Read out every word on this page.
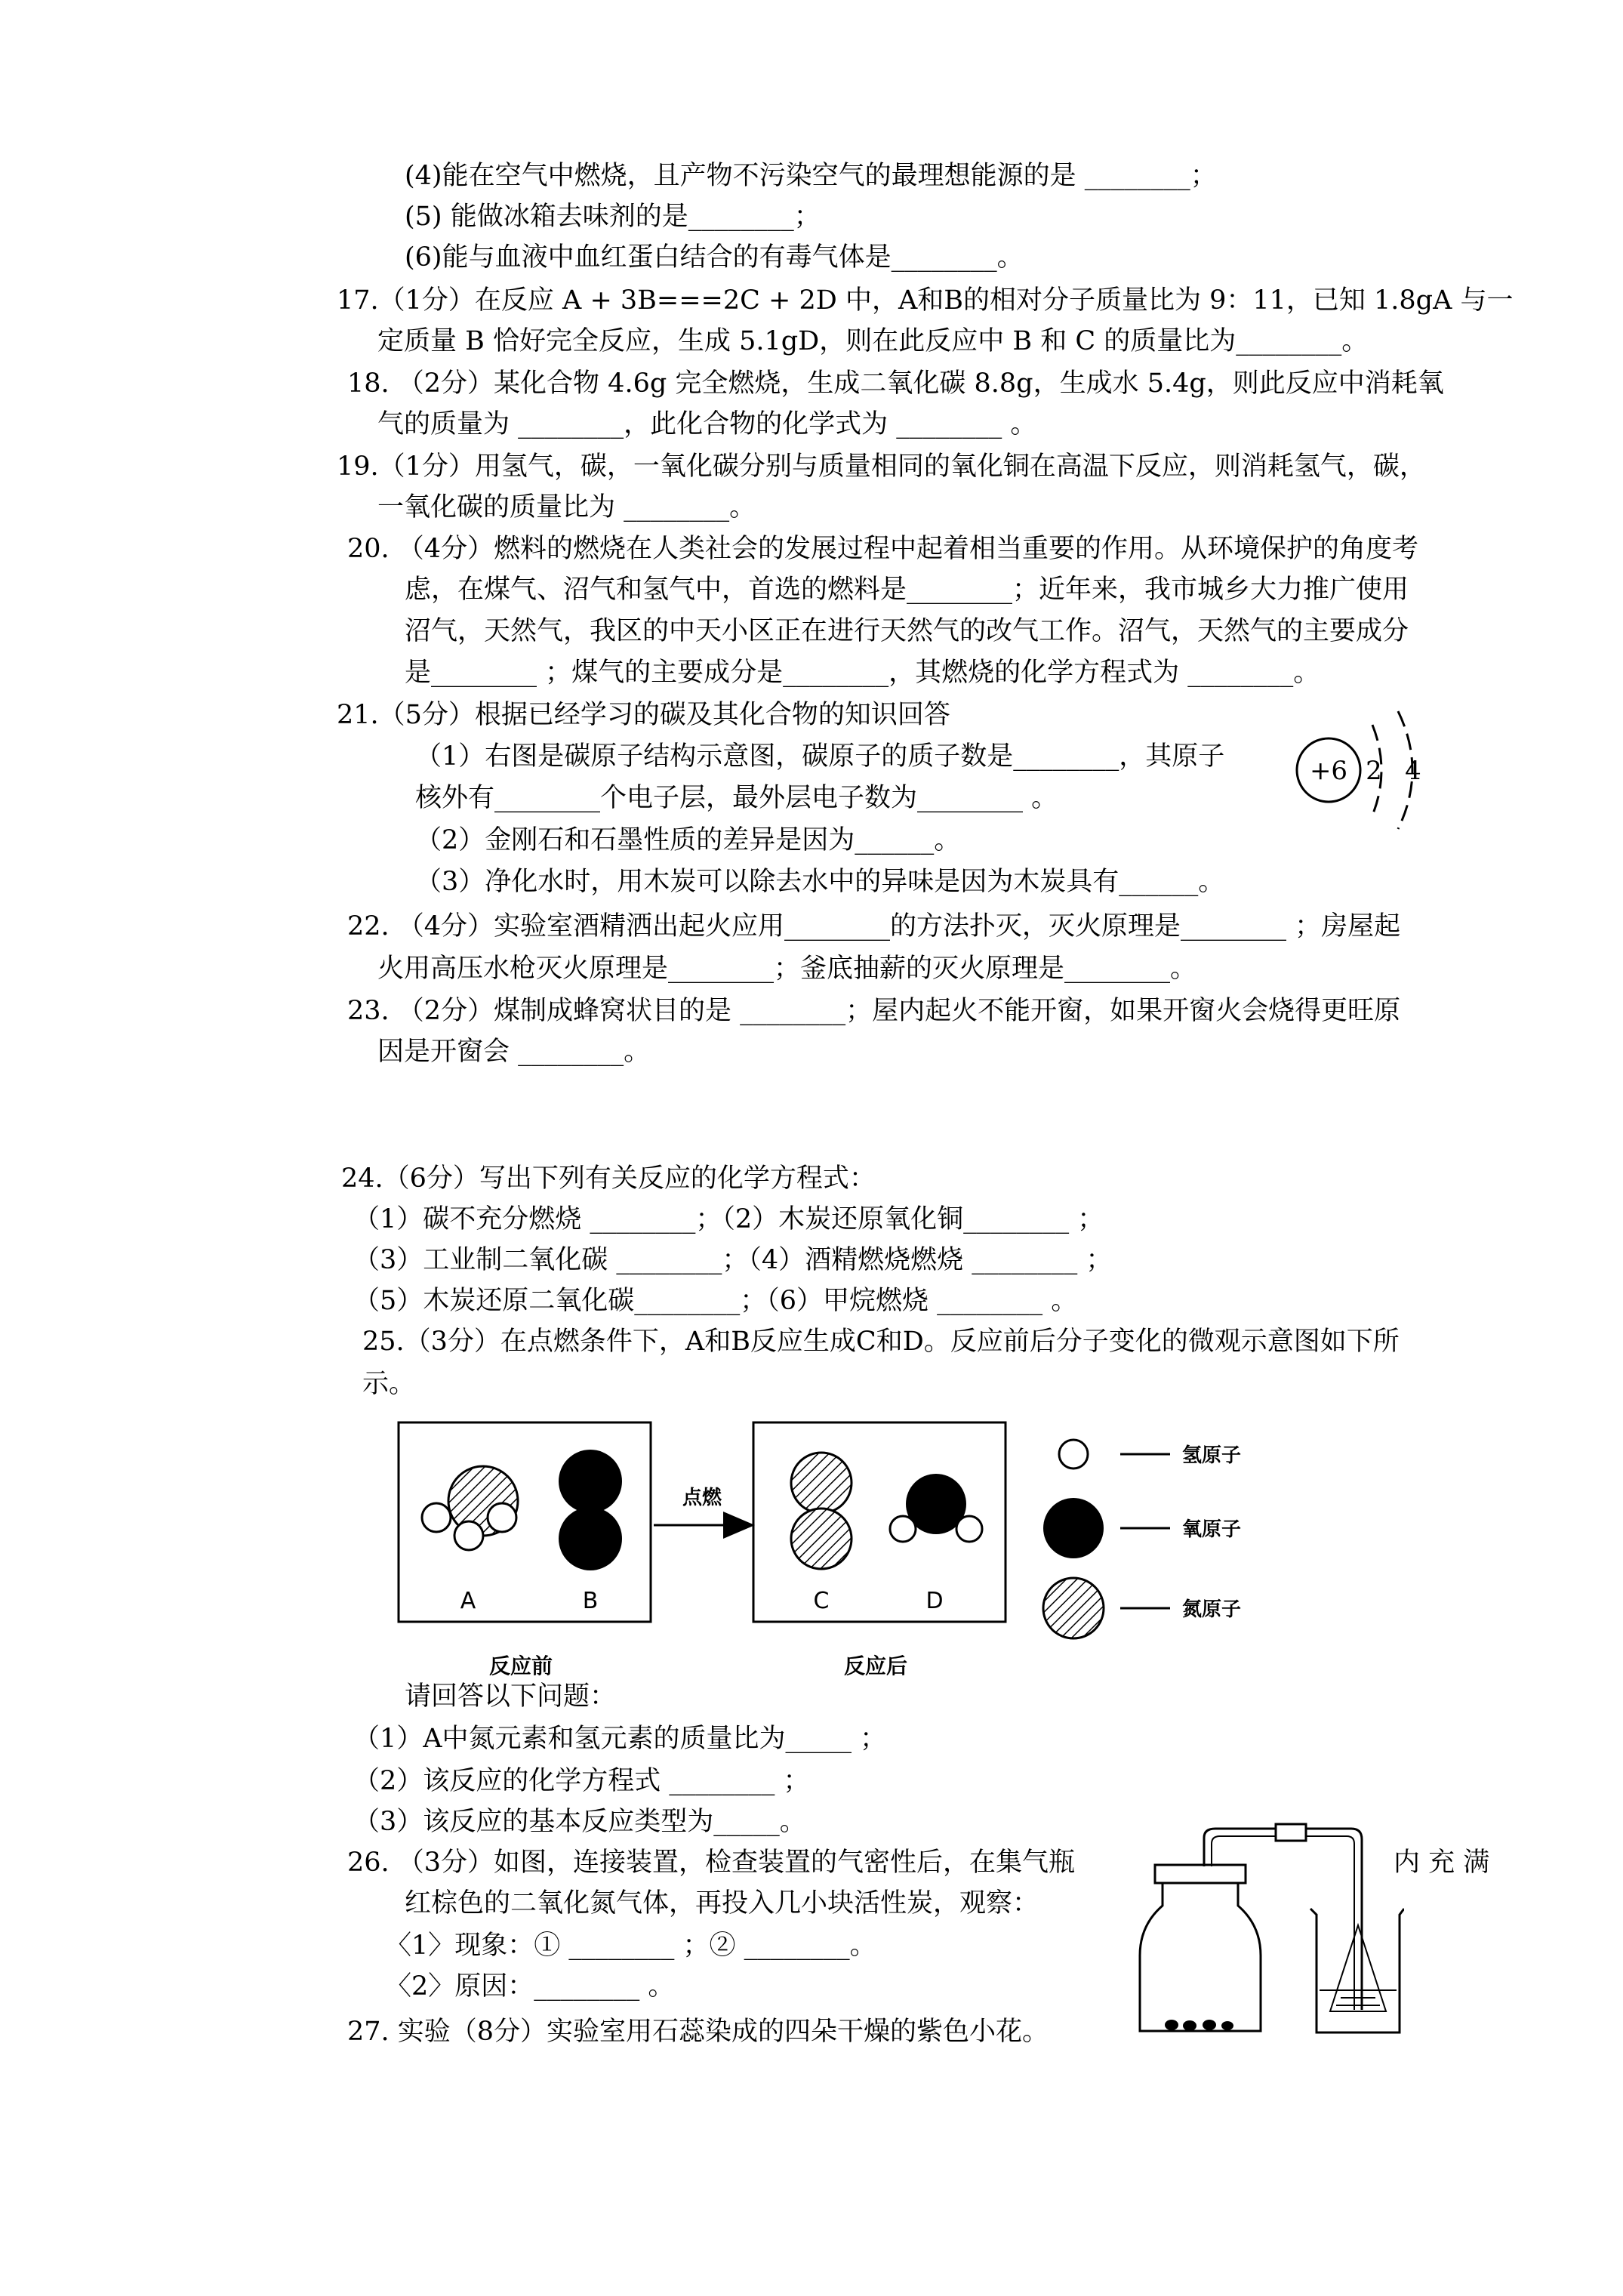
(4)能在空气中燃烧，且产物不污染空气的最理想能源的是 ________；
(5) 能做冰箱去味剂的是________；
(6)能与血液中血红蛋白结合的有毒气体是________。
17.（1分）在反应 A + 3B===2C + 2D 中，A和B的相对分子质量比为 9：11，已知 1.8gA 与一
定质量 B 恰好完全反应，生成 5.1gD，则在此反应中 B 和 C 的质量比为________。
18. （2分）某化合物 4.6g 完全燃烧，生成二氧化碳 8.8g，生成水 5.4g，则此反应中消耗氧
气的质量为 ________，此化合物的化学式为 ________ 。
19.（1分）用氢气，碳，一氧化碳分别与质量相同的氧化铜在高温下反应，则消耗氢气，碳，
一氧化碳的质量比为 ________。
20. （4分）燃料的燃烧在人类社会的发展过程中起着相当重要的作用。从环境保护的角度考
虑，在煤气、沼气和氢气中，首选的燃料是________；近年来，我市城乡大力推广使用
沼气，天然气，我区的中天小区正在进行天然气的改气工作。沼气，天然气的主要成分
是________ ；煤气的主要成分是________，其燃烧的化学方程式为 ________。
21.（5分）根据已经学习的碳及其化合物的知识回答
（1）右图是碳原子结构示意图，碳原子的质子数是________，其原子
核外有________个电子层，最外层电子数为________ 。
（2）金刚石和石墨性质的差异是因为______。
（3）净化水时，用木炭可以除去水中的异味是因为木炭具有______。
22. （4分）实验室酒精洒出起火应用________的方法扑灭，灭火原理是________ ；房屋起
火用高压水枪灭火原理是________；釜底抽薪的灭火原理是________。
23. （2分）煤制成蜂窝状目的是 ________；屋内起火不能开窗，如果开窗火会烧得更旺原
因是开窗会 ________。
24.（6分）写出下列有关反应的化学方程式：
（1）碳不充分燃烧 ________；（2）木炭还原氧化铜________ ；
（3）工业制二氧化碳 ________；（4）酒精燃烧燃烧 ________ ；
（5）木炭还原二氧化碳________；（6）甲烷燃烧 ________ 。
25.（3分）在点燃条件下，A和B反应生成C和D。反应前后分子变化的微观示意图如下所
示。
请回答以下问题：
（1）A中氮元素和氢元素的质量比为_____ ；
（2）该反应的化学方程式 ________ ；
（3）该反应的基本反应类型为_____。
26. （3分）如图，连接装置，检查装置的气密性后，在集气瓶	内 充 满
红棕色的二氧化氮气体，再投入几小块活性炭，观察：
〈1〉现象：① ________ ；② ________。
〈2〉原因：________ 。
27. 实验（8分）实验室用石蕊染成的四朵干燥的紫色小花。
+6 2 4
A	B
反应前
点燃
C	D
反应后
氢原子
氧原子
氮原子
